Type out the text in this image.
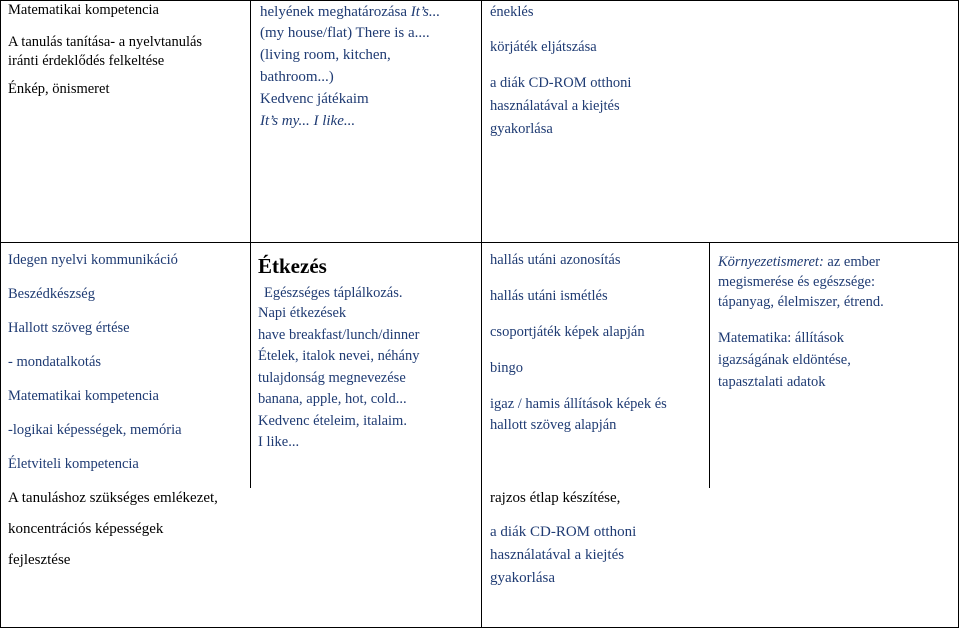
Matematikai kompetencia

A tanulás tanítása- a nyelvtanulás

iránti érdeklődés felkeltése

Énkép, önismeret

helyének meghatározása It’s...

(my house/flat) There is a....

(living room, kitchen,

bathroom...)

Kedvenc játékaim

It’s my... I like...

éneklés

körjáték eljátszása

a diák CD-ROM otthoni

használatával a kiejtés

gyakorlása

Idegen nyelvi kommunikáció

Beszédkészség

Hallott szöveg értése

- mondatalkotás

Matematikai kompetencia

-logikai képességek, memória

Életviteli kompetencia

Étkezés

Egészséges táplálkozás.

Napi étkezések

have breakfast/lunch/dinner

Ételek, italok nevei, néhány

tulajdonság megnevezése

banana, apple, hot, cold...

Kedvenc ételeim, italaim.

I like...

hallás utáni azonosítás

hallás utáni ismétlés

csoportjáték képek alapján

bingo

igaz / hamis állítások képek és

hallott szöveg alapján

Környezetismeret: az ember

megismerése és egészsége:

tápanyag, élelmiszer, étrend.

Matematika: állítások

igazságának eldöntése,

tapasztalati adatok

A tanuláshoz szükséges emlékezet,

koncentrációs képességek

fejlesztése

rajzos étlap készítése,

a diák CD-ROM otthoni

használatával a kiejtés

gyakorlása
